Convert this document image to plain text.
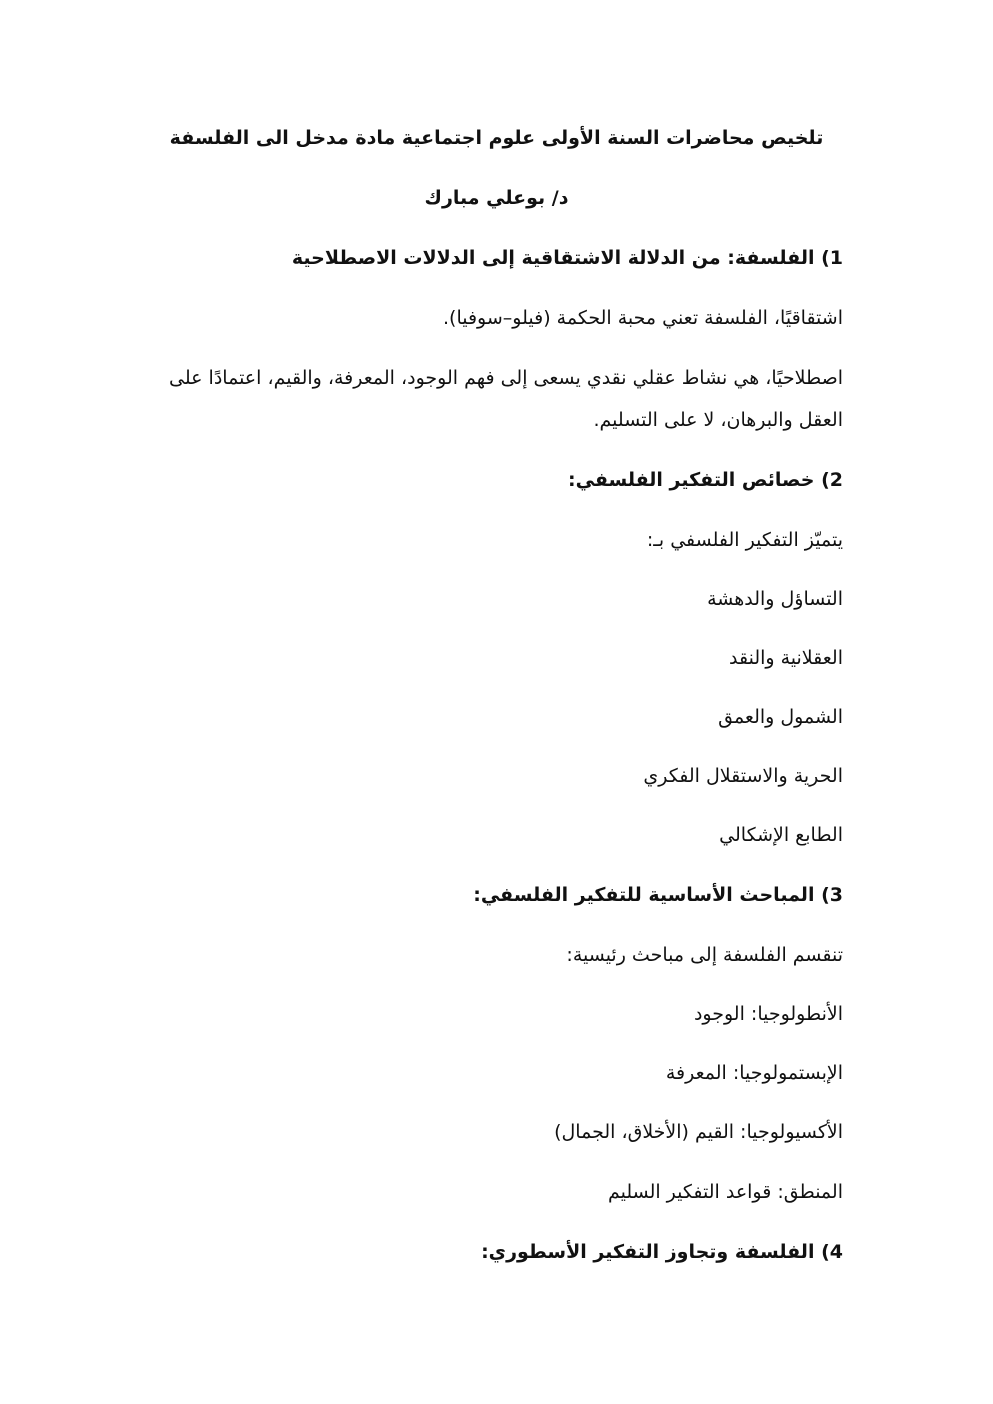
تلخيص محاضرات السنة الأولى علوم اجتماعية مادة مدخل الى الفلسفة
د/ بوعلي مبارك
1) الفلسفة: من الدلالة الاشتقاقية إلى الدلالات الاصطلاحية
اشتقاقيًا، الفلسفة تعني محبة الحكمة (فيلو–سوفيا).
اصطلاحيًا، هي نشاط عقلي نقدي يسعى إلى فهم الوجود، المعرفة، والقيم، اعتمادًا على العقل والبرهان، لا على التسليم.
2) خصائص التفكير الفلسفي:
يتميّز التفكير الفلسفي بـ:
التساؤل والدهشة
العقلانية والنقد
الشمول والعمق
الحرية والاستقلال الفكري
الطابع الإشكالي
3) المباحث الأساسية للتفكير الفلسفي:
تنقسم الفلسفة إلى مباحث رئيسية:
الأنطولوجيا: الوجود
الإبستمولوجيا: المعرفة
الأكسيولوجيا: القيم (الأخلاق، الجمال)
المنطق: قواعد التفكير السليم
4) الفلسفة وتجاوز التفكير الأسطوري:
